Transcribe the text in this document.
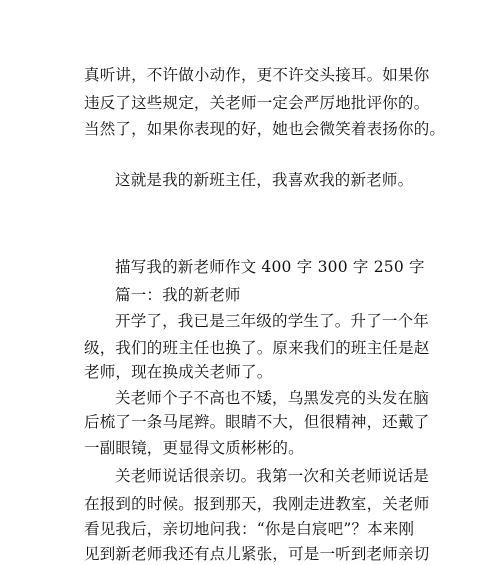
真听讲，不许做小动作，更不许交头接耳。如果你
违反了这些规定，关老师一定会严厉地批评你的。
当然了，如果你表现的好，她也会微笑着表扬你的。
这就是我的新班主任，我喜欢我的新老师。
描写我的新老师作文 400 字 300 字 250 字
篇一：我的新老师
开学了，我已是三年级的学生了。升了一个年
级，我们的班主任也换了。原来我们的班主任是赵
老师，现在换成关老师了。
关老师个子不高也不矮，乌黑发亮的头发在脑
后梳了一条马尾辫。眼睛不大，但很精神，还戴了
一副眼镜，更显得文质彬彬的。
关老师说话很亲切。我第一次和关老师说话是
在报到的时候。报到那天，我刚走进教室，关老师
看见我后，亲切地问我：“你是白宸吧”？本来刚
见到新老师我还有点儿紧张，可是一听到老师亲切
